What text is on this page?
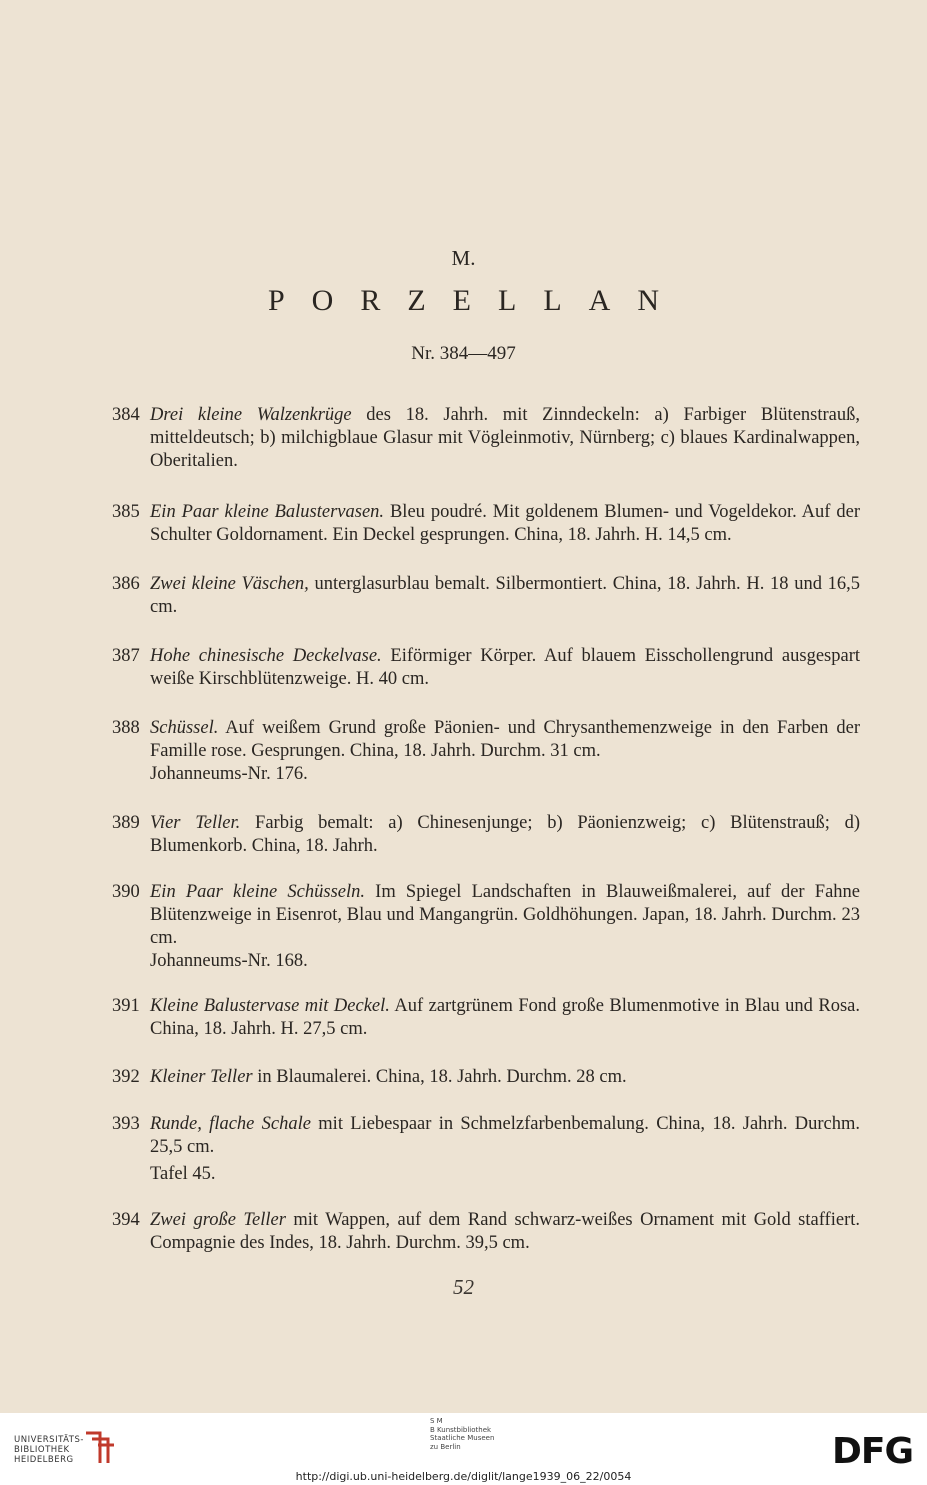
M.
PORZELLAN
Nr. 384—497
384 Drei kleine Walzenkrüge des 18. Jahrh. mit Zinndeckeln: a) Farbiger Blütenstrauß, mitteldeutsch; b) milchigblaue Glasur mit Vögleinmotiv, Nürnberg; c) blaues Kardinalwappen, Oberitalien.
385 Ein Paar kleine Balustervasen. Bleu poudré. Mit goldenem Blumen- und Vogeldekor. Auf der Schulter Goldornament. Ein Deckel gesprungen. China, 18. Jahrh. H. 14,5 cm.
386 Zwei kleine Väschen, unterglasurblau bemalt. Silbermontiert. China, 18. Jahrh. H. 18 und 16,5 cm.
387 Hohe chinesische Deckelvase. Eiförmiger Körper. Auf blauem Eisschollengrund ausgespart weiße Kirschblütenzweige. H. 40 cm.
388 Schüssel. Auf weißem Grund große Päonien- und Chrysanthemenzweige in den Farben der Famille rose. Gesprungen. China, 18. Jahrh. Durchm. 31 cm.
Johanneums-Nr. 176.
389 Vier Teller. Farbig bemalt: a) Chinesenjunge; b) Päonienzweig; c) Blütenstrauß; d) Blumenkorb. China, 18. Jahrh.
390 Ein Paar kleine Schüsseln. Im Spiegel Landschaften in Blauweißmalerei, auf der Fahne Blütenzweige in Eisenrot, Blau und Mangangrün. Goldhöhungen. Japan, 18. Jahrh. Durchm. 23 cm.
Johanneums-Nr. 168.
391 Kleine Balustervase mit Deckel. Auf zartgrünem Fond große Blumenmotive in Blau und Rosa. China, 18. Jahrh. H. 27,5 cm.
392 Kleiner Teller in Blaumalerei. China, 18. Jahrh. Durchm. 28 cm.
393 Runde, flache Schale mit Liebespaar in Schmelzfarbenbemalung. China, 18. Jahrh. Durchm. 25,5 cm.
Tafel 45.
394 Zwei große Teller mit Wappen, auf dem Rand schwarz-weißes Ornament mit Gold staffiert. Compagnie des Indes, 18. Jahrh. Durchm. 39,5 cm.
52
UNIVERSITÄTS-
BIBLIOTHEK
HEIDELBERG
S M
B Kunstbibliothek
Staatliche Museen
zu Berlin	DFG
http://digi.ub.uni-heidelberg.de/diglit/lange1939_06_22/0054
